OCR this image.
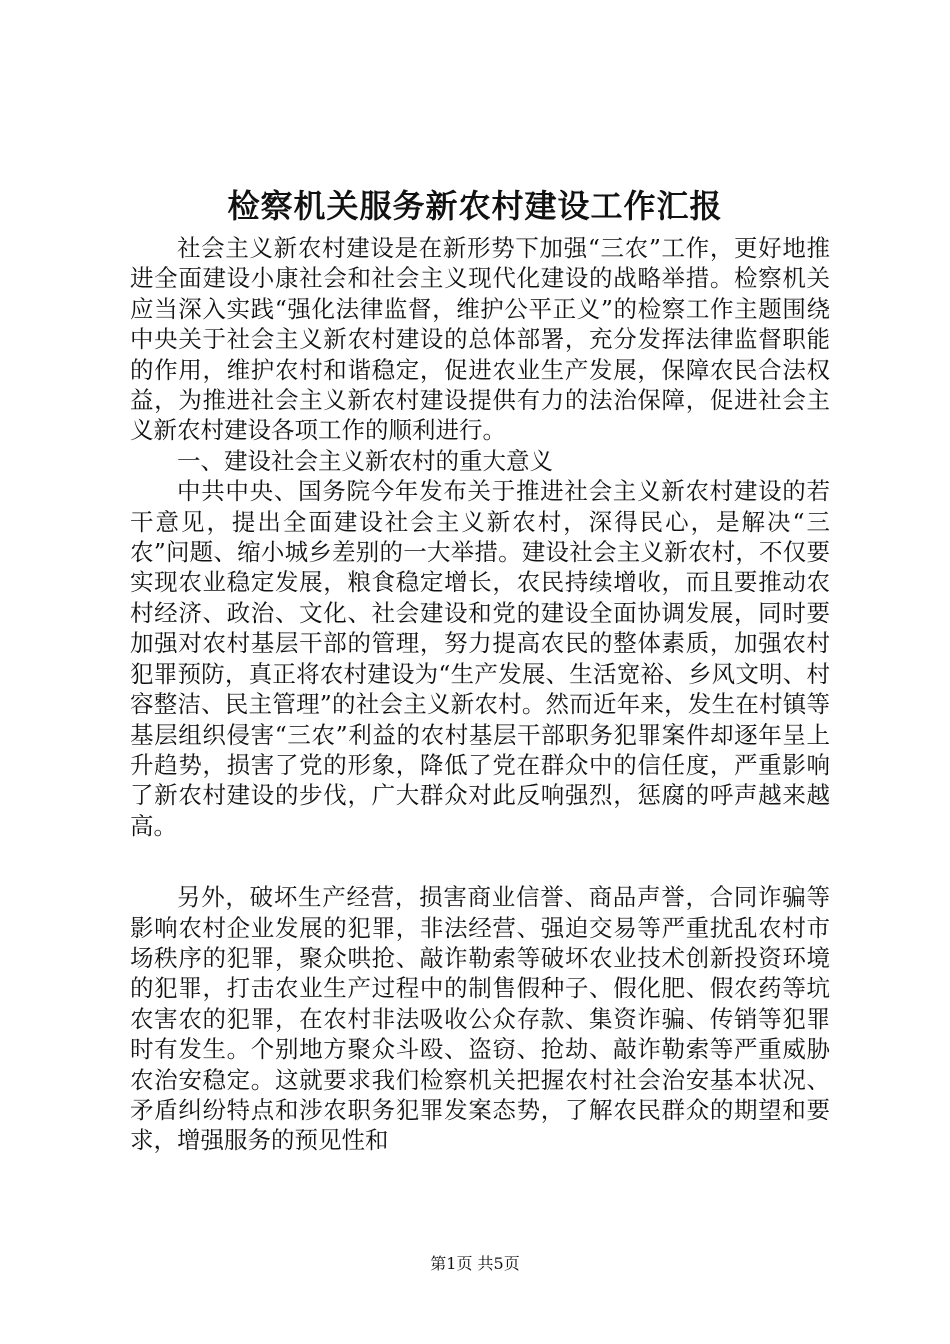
检察机关服务新农村建设工作汇报

社会主义新农村建设是在新形势下加强“三农”工作，更好地推进全面建设小康社会和社会主义现代化建设的战略举措。检察机关应当深入实践“强化法律监督，维护公平正义”的检察工作主题围绕中央关于社会主义新农村建设的总体部署，充分发挥法律监督职能的作用，维护农村和谐稳定，促进农业生产发展，保障农民合法权益，为推进社会主义新农村建设提供有力的法治保障，促进社会主义新农村建设各项工作的顺利进行。

一、建设社会主义新农村的重大意义

中共中央、国务院今年发布关于推进社会主义新农村建设的若干意见，提出全面建设社会主义新农村，深得民心，是解决“三农”问题、缩小城乡差别的一大举措。建设社会主义新农村，不仅要实现农业稳定发展，粮食稳定增长，农民持续增收，而且要推动农村经济、政治、文化、社会建设和党的建设全面协调发展，同时要加强对农村基层干部的管理，努力提高农民的整体素质，加强农村犯罪预防，真正将农村建设为“生产发展、生活宽裕、乡风文明、村容整洁、民主管理”的社会主义新农村。然而近年来，发生在村镇等基层组织侵害“三农”利益的农村基层干部职务犯罪案件却逐年呈上升趋势，损害了党的形象，降低了党在群众中的信任度，严重影响了新农村建设的步伐，广大群众对此反响强烈，惩腐的呼声越来越高。

另外，破坏生产经营，损害商业信誉、商品声誉，合同诈骗等影响农村企业发展的犯罪，非法经营、强迫交易等严重扰乱农村市场秩序的犯罪，聚众哄抢、敲诈勒索等破坏农业技术创新投资环境的犯罪，打击农业生产过程中的制售假种子、假化肥、假农药等坑农害农的犯罪，在农村非法吸收公众存款、集资诈骗、传销等犯罪时有发生。个别地方聚众斗殴、盗窃、抢劫、敲诈勒索等严重威胁农治安稳定。这就要求我们检察机关把握农村社会治安基本状况、矛盾纠纷特点和涉农职务犯罪发案态势，了解农民群众的期望和要求，增强服务的预见性和

第1页 共5页
